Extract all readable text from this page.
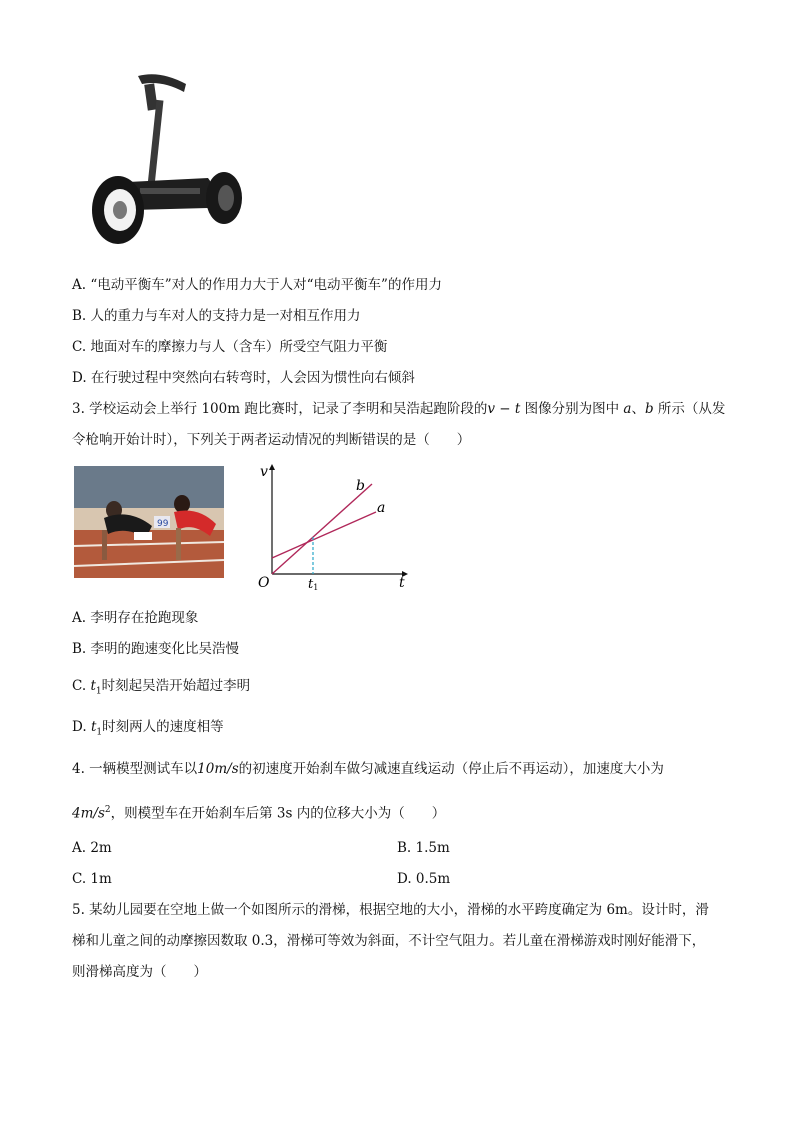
A. “电动平衡车”对人的作用力大于人对“电动平衡车”的作用力
B. 人的重力与车对人的支持力是一对相互作用力
C. 地面对车的摩擦力与人（含车）所受空气阻力平衡
D. 在行驶过程中突然向右转弯时，人会因为惯性向右倾斜
3. 学校运动会上举行 100m 跑比赛时，记录了李明和吴浩起跑阶段的v − t 图像分别为图中 a、b 所示（从发
令枪响开始计时），下列关于两者运动情况的判断错误的是（　　）
99
v
t
O	t1
b
a
A. 李明存在抢跑现象
B. 李明的跑速变化比吴浩慢
C. $t_1$时刻起吴浩开始超过李明
D. $t_1$时刻两人的速度相等
4. 一辆模型测试车以10m/s的初速度开始刹车做匀减速直线运动（停止后不再运动），加速度大小为
$4m/s^2$，则模型车在开始刹车后第 3s 内的位移大小为（　　）
A. 2m	B. 1.5m
C. 1m	D. 0.5m
5. 某幼儿园要在空地上做一个如图所示的滑梯，根据空地的大小，滑梯的水平跨度确定为 6m。设计时，滑
梯和儿童之间的动摩擦因数取 0.3，滑梯可等效为斜面，不计空气阻力。若儿童在滑梯游戏时刚好能滑下，
则滑梯高度为（　　）
